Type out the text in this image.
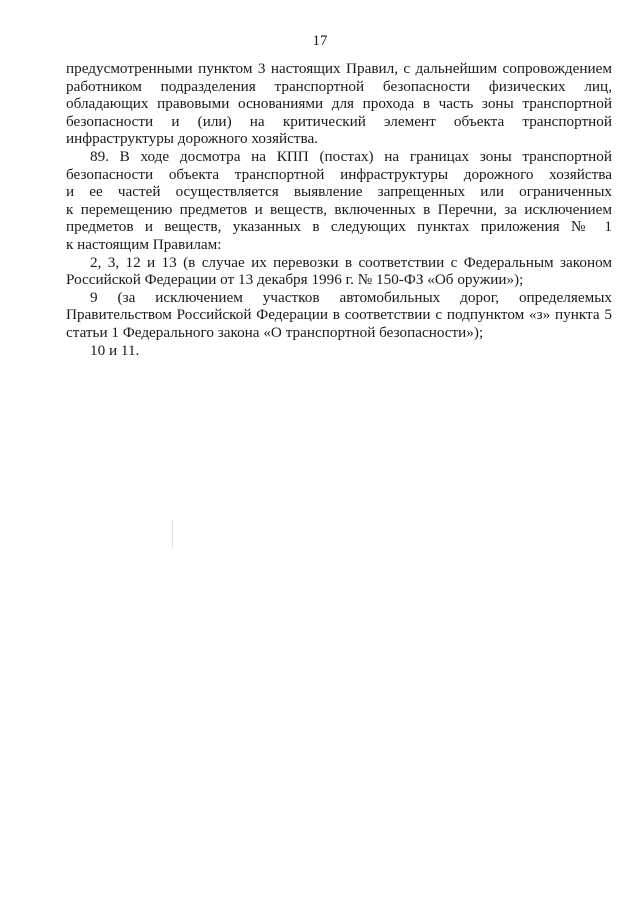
17
предусмотренными пунктом 3 настоящих Правил, с дальнейшим сопровождением
работником подразделения транспортной безопасности физических лиц,
обладающих правовыми основаниями для прохода в часть зоны транспортной
безопасности и (или) на критический элемент объекта транспортной
инфраструктуры дорожного хозяйства.
89. В ходе досмотра на КПП (постах) на границах зоны транспортной
безопасности объекта транспортной инфраструктуры дорожного хозяйства
и ее частей осуществляется выявление запрещенных или ограниченных
к перемещению предметов и веществ, включенных в Перечни, за исключением
предметов и веществ, указанных в следующих пунктах приложения № 1
к настоящим Правилам:
2, 3, 12 и 13 (в случае их перевозки в соответствии с Федеральным законом
Российской Федерации от 13 декабря 1996 г. № 150-ФЗ «Об оружии»);
9 (за исключением участков автомобильных дорог, определяемых
Правительством Российской Федерации в соответствии с подпунктом «з» пункта 5
статьи 1 Федерального закона «О транспортной безопасности»);
10 и 11.
